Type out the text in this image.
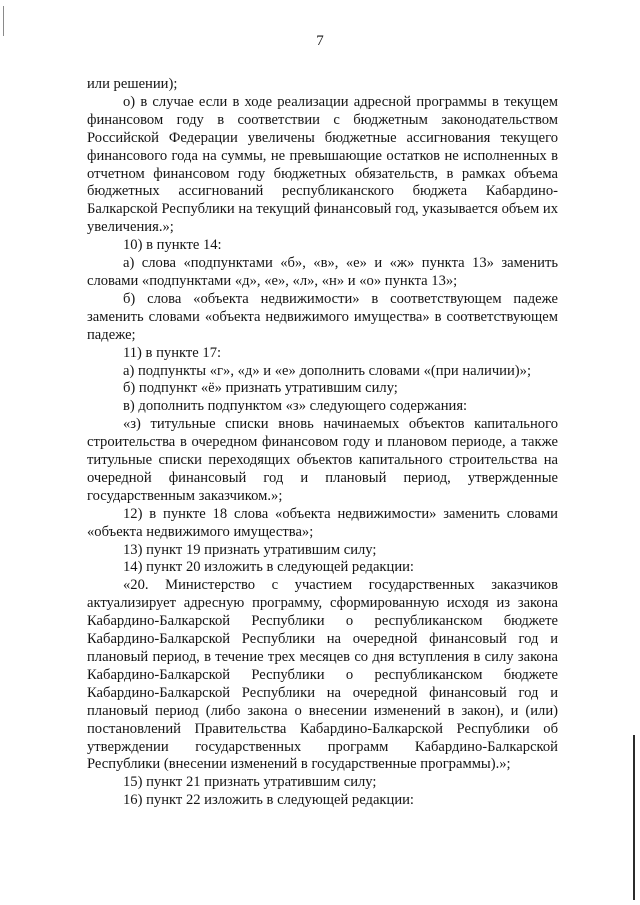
7

или решении);

о) в случае если в ходе реализации адресной программы в текущем финансовом году в соответствии с бюджетным законодательством Российской Федерации увеличены бюджетные ассигнования текущего финансового года на суммы, не превышающие остатков не исполненных в отчетном финансовом году бюджетных обязательств, в рамках объема бюджетных ассигнований республиканского бюджета Кабардино-Балкарской Республики на текущий финансовый год, указывается объем их увеличения.»;

10) в пункте 14:

а) слова «подпунктами «б», «в», «е» и «ж» пункта 13» заменить словами «подпунктами «д», «е», «л», «н» и «о» пункта 13»;

б) слова «объекта недвижимости» в соответствующем падеже заменить словами «объекта недвижимого имущества» в соответствующем падеже;

11) в пункте 17:

а) подпункты «г», «д» и «е» дополнить словами «(при наличии)»;

б) подпункт «ё» признать утратившим силу;

в) дополнить подпунктом «з» следующего содержания:

«з) титульные списки вновь начинаемых объектов капитального строительства в очередном финансовом году и плановом периоде, а также титульные списки переходящих объектов капитального строительства на очередной финансовый год и плановый период, утвержденные государственным заказчиком.»;

12) в пункте 18 слова «объекта недвижимости» заменить словами «объекта недвижимого имущества»;

13) пункт 19 признать утратившим силу;

14) пункт 20 изложить в следующей редакции:

«20. Министерство с участием государственных заказчиков актуализирует адресную программу, сформированную исходя из закона Кабардино-Балкарской Республики о республиканском бюджете Кабардино-Балкарской Республики на очередной финансовый год и плановый период, в течение трех месяцев со дня вступления в силу закона Кабардино-Балкарской Республики о республиканском бюджете Кабардино-Балкарской Республики на очередной финансовый год и плановый период (либо закона о внесении изменений в закон), и (или) постановлений Правительства Кабардино-Балкарской Республики об утверждении государственных программ Кабардино-Балкарской Республики (внесении изменений в государственные программы).»;

15) пункт 21 признать утратившим силу;

16) пункт 22 изложить в следующей редакции:
